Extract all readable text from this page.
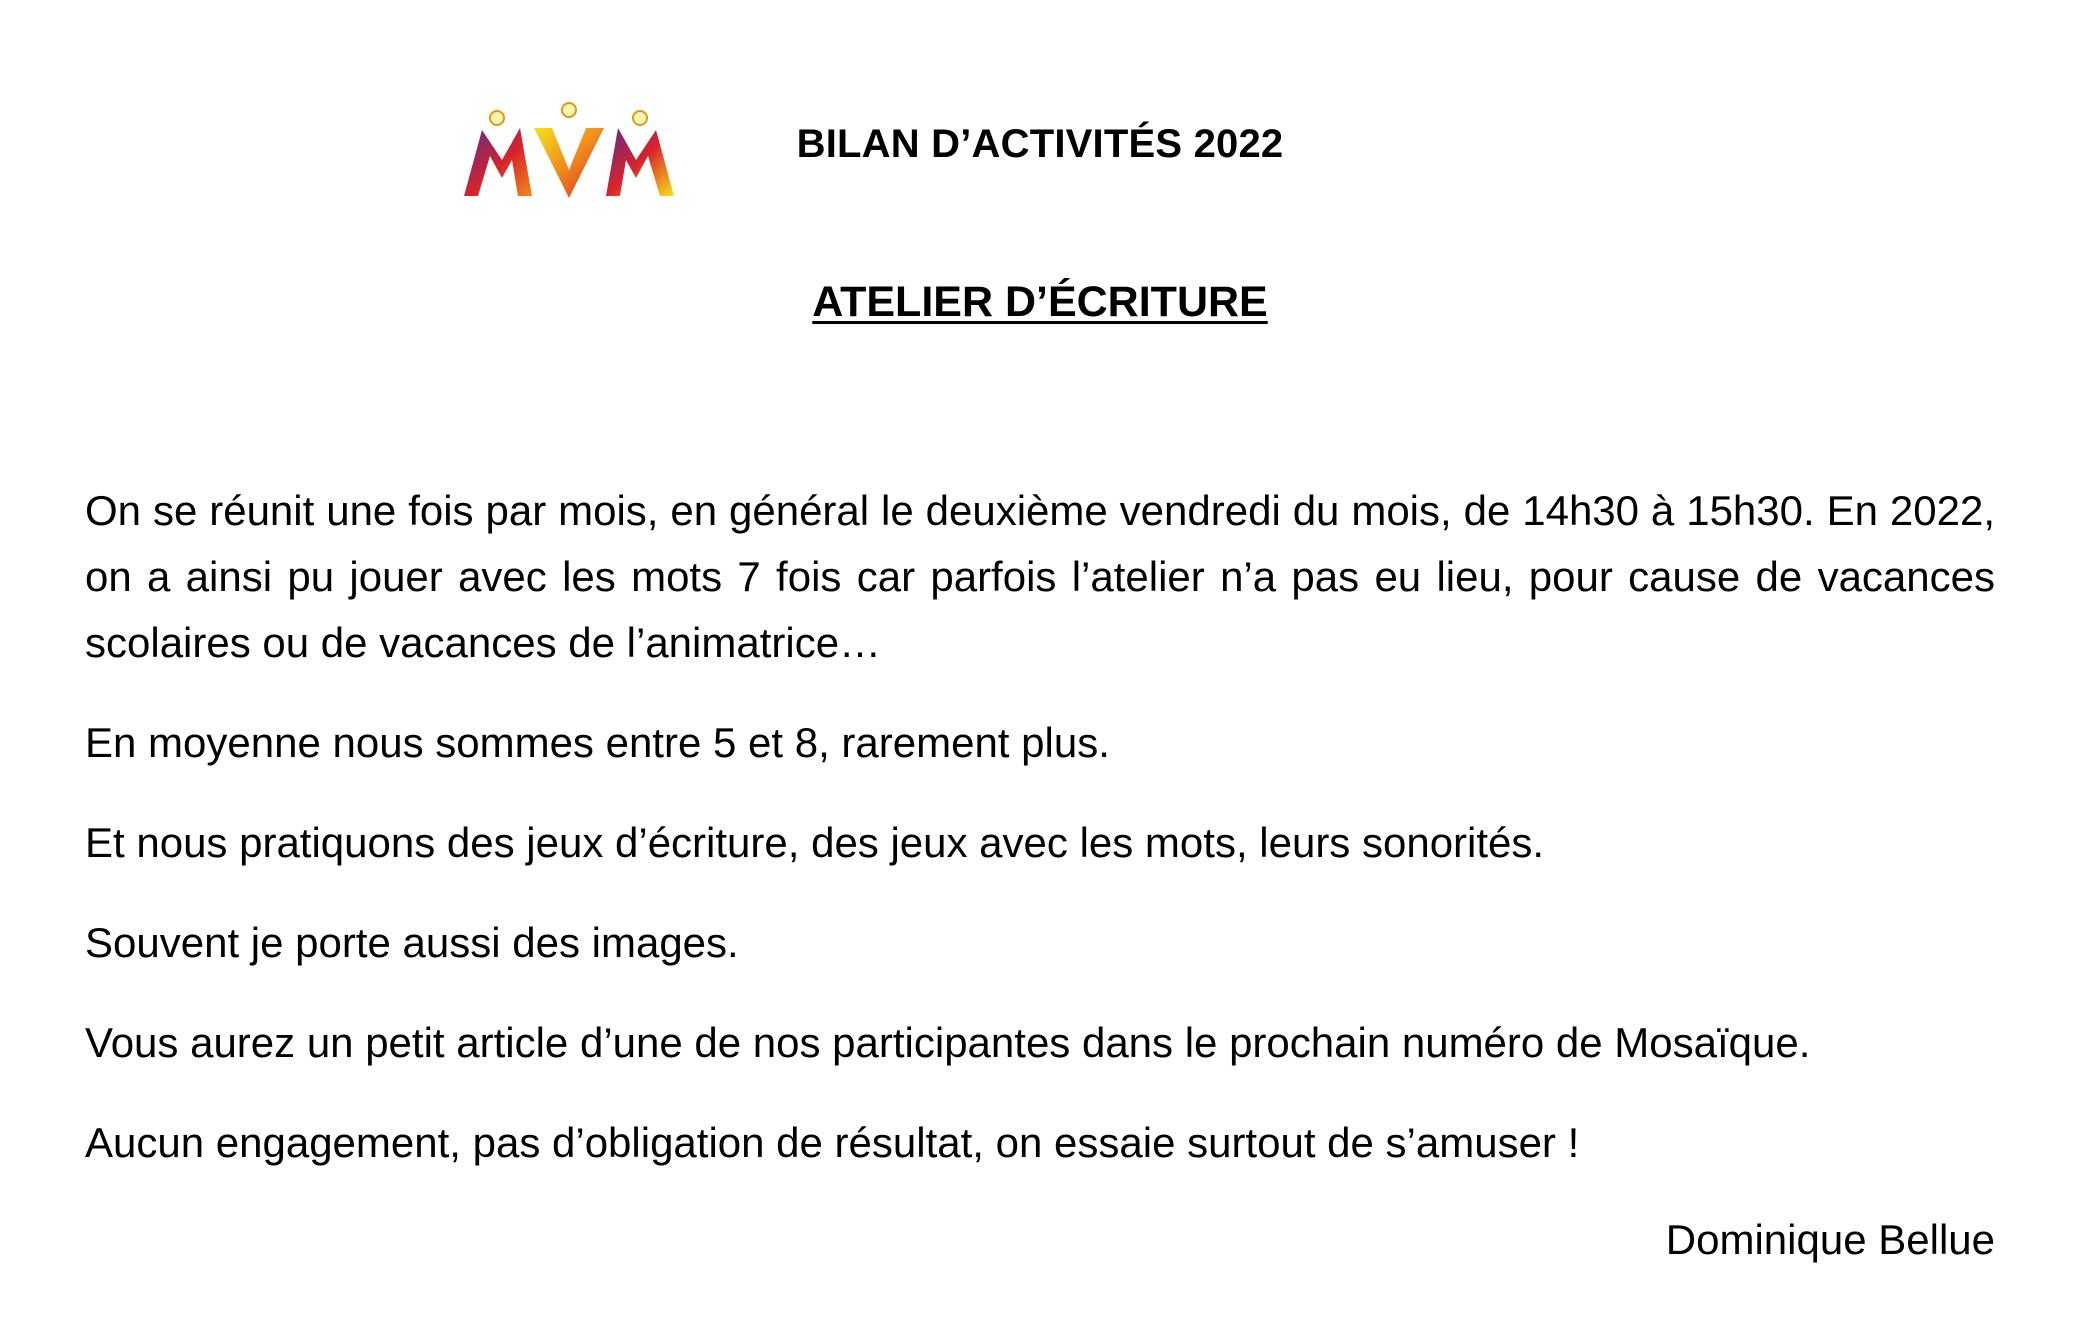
BILAN D’ACTIVITÉS 2022
ATELIER D’ÉCRITURE

On se réunit une fois par mois, en général le deuxième vendredi du mois, de 14h30 à 15h30. En 2022, on a ainsi pu jouer avec les mots 7 fois car parfois l’atelier n’a pas eu lieu, pour cause de vacances scolaires ou de vacances de l’animatrice…

En moyenne nous sommes entre 5 et 8, rarement plus.

Et nous pratiquons des jeux d’écriture, des jeux avec les mots, leurs sonorités.

Souvent je porte aussi des images.

Vous aurez un petit article d’une de nos participantes dans le prochain numéro de Mosaïque.

Aucun engagement, pas d’obligation de résultat, on essaie surtout de s’amuser !

Dominique Bellue
